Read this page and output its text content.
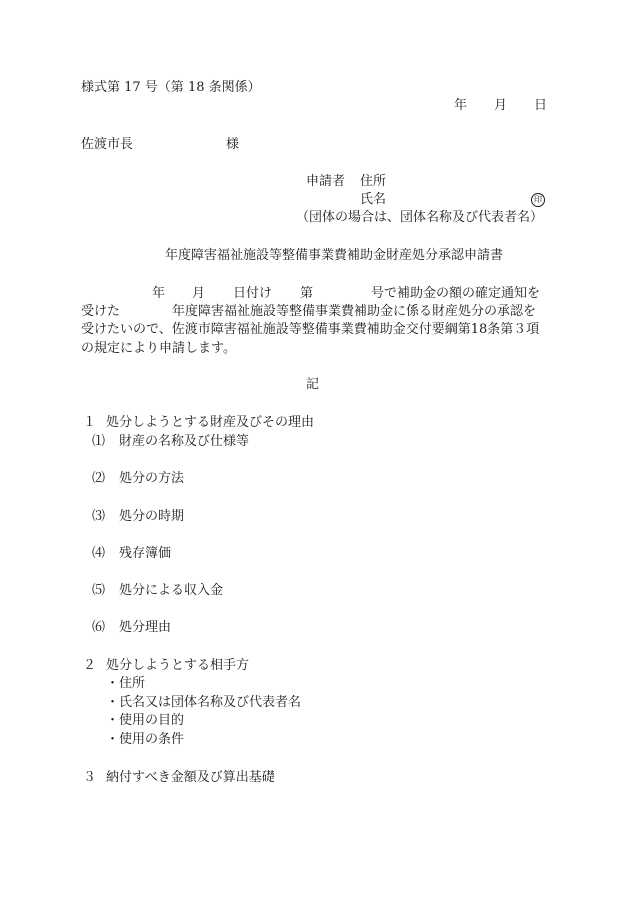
様式第 17 号（第 18 条関係）
年 月 日
佐渡市長	様
申請者 住所
氏名	印
（団体の場合は、団体名称及び代表者名）
年度障害福祉施設等整備事業費補助金財産処分承認申請書
年 月 日付け 第	号で補助金の額の確定通知を
受けた	年度障害福祉施設等整備事業費補助金に係る財産処分の承認を
受けたいので、佐渡市障害福祉施設等整備事業費補助金交付要綱第18条第３項
の規定により申請します。
記
１ 処分しようとする財産及びその理由
⑴ 財産の名称及び仕様等
⑵ 処分の方法
⑶ 処分の時期
⑷ 残存簿価
⑸ 処分による収入金
⑹ 処分理由
２ 処分しようとする相手方
・住所
・氏名又は団体名称及び代表者名
・使用の目的
・使用の条件
３ 納付すべき金額及び算出基礎
